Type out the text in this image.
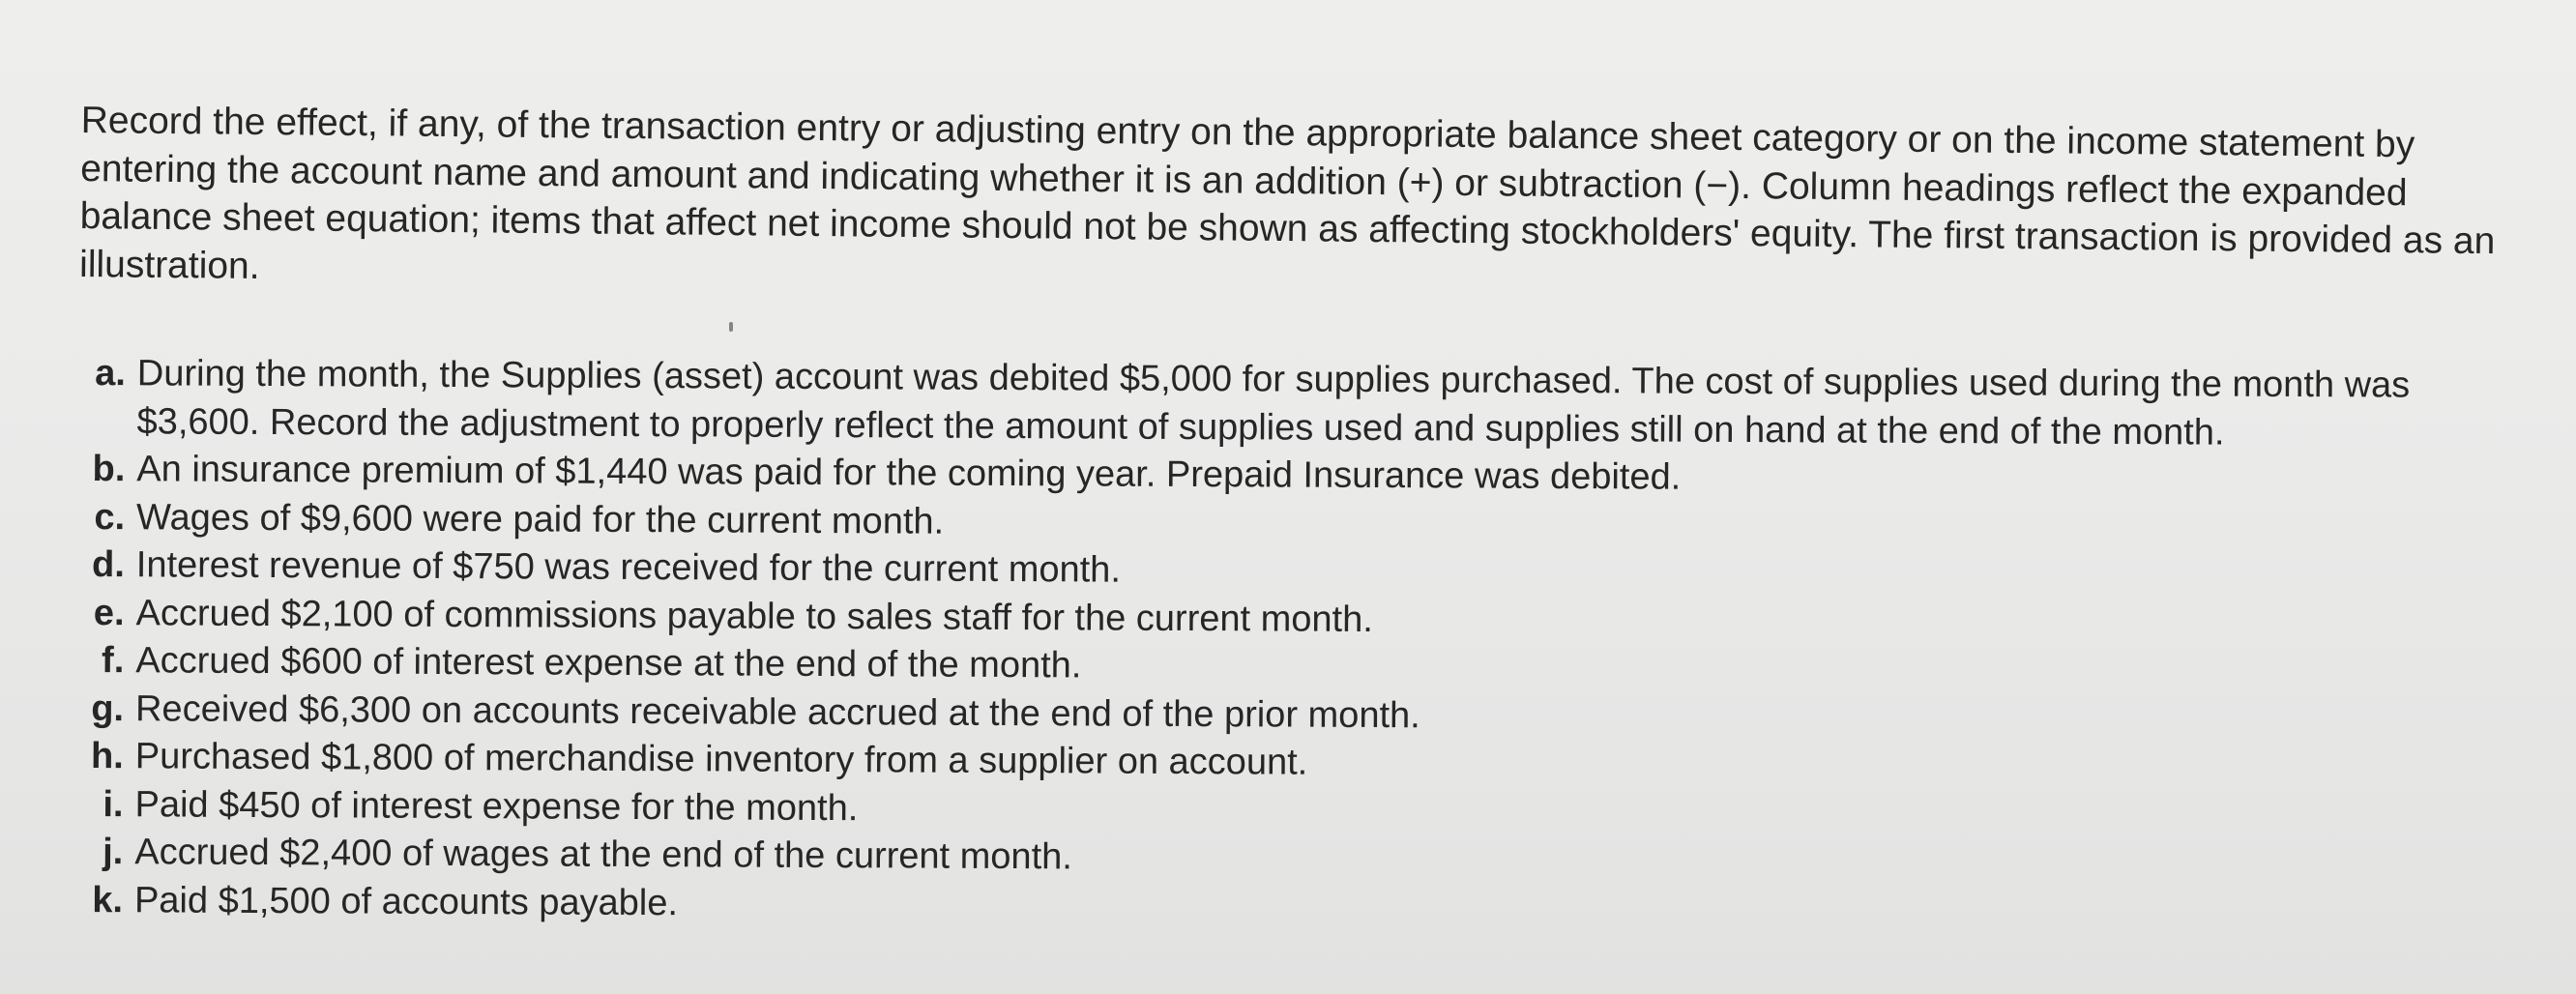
Record the effect, if any, of the transaction entry or adjusting entry on the appropriate balance sheet category or on the income statement by entering the account name and amount and indicating whether it is an addition (+) or subtraction (−). Column headings reflect the expanded balance sheet equation; items that affect net income should not be shown as affecting stockholders' equity. The first transaction is provided as an illustration.

a. During the month, the Supplies (asset) account was debited $5,000 for supplies purchased. The cost of supplies used during the month was $3,600. Record the adjustment to properly reflect the amount of supplies used and supplies still on hand at the end of the month.
b. An insurance premium of $1,440 was paid for the coming year. Prepaid Insurance was debited.
c. Wages of $9,600 were paid for the current month.
d. Interest revenue of $750 was received for the current month.
e. Accrued $2,100 of commissions payable to sales staff for the current month.
f. Accrued $600 of interest expense at the end of the month.
g. Received $6,300 on accounts receivable accrued at the end of the prior month.
h. Purchased $1,800 of merchandise inventory from a supplier on account.
i. Paid $450 of interest expense for the month.
j. Accrued $2,400 of wages at the end of the current month.
k. Paid $1,500 of accounts payable.
